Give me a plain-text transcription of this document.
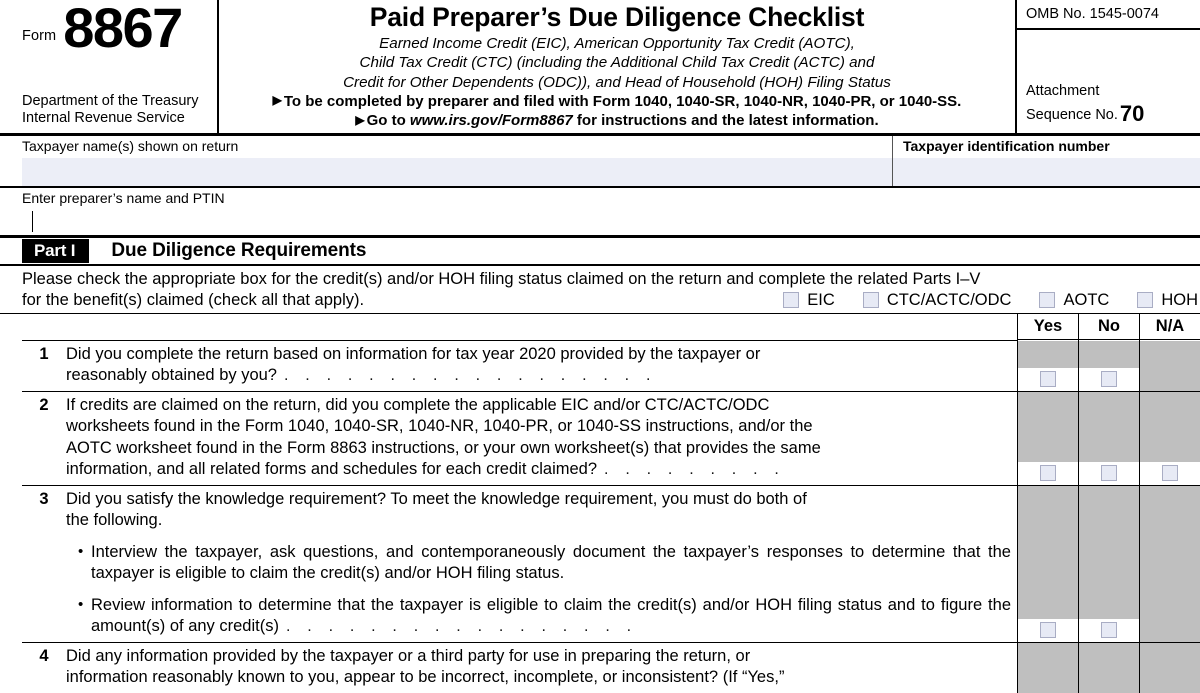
Form 8867
Department of the Treasury
Internal Revenue Service
Paid Preparer’s Due Diligence Checklist
Earned Income Credit (EIC), American Opportunity Tax Credit (AOTC),
Child Tax Credit (CTC) (including the Additional Child Tax Credit (ACTC) and
Credit for Other Dependents (ODC)), and Head of Household (HOH) Filing Status
▶ To be completed by preparer and filed with Form 1040, 1040-SR, 1040-NR, 1040-PR, or 1040-SS.
▶ Go to www.irs.gov/Form8867 for instructions and the latest information.
OMB No. 1545-0074
Attachment
Sequence No.70
Taxpayer name(s) shown on return	Taxpayer identification number
Enter preparer’s name and PTIN
Part I	Due Diligence Requirements

Please check the appropriate box for the credit(s) and/or HOH filing status claimed on the return and complete the related Parts I–V

for the benefit(s) claimed (check all that apply).	EIC	CTC/ACTC/ODC	AOTC	HOH
Yes	No	N/A
1	Did you complete the return based on information for tax year 2020 provided by the taxpayer or
reasonably obtained by you? . . . . . . . . . . . . . . . . . .
2	If credits are claimed on the return, did you complete the applicable EIC and/or CTC/ACTC/ODC
worksheets found in the Form 1040, 1040-SR, 1040-NR, 1040-PR, or 1040-SS instructions, and/or the
AOTC worksheet found in the Form 8863 instructions, or your own worksheet(s) that provides the same
information, and all related forms and schedules for each credit claimed? . . . . . . . . .
3	Did you satisfy the knowledge requirement? To meet the knowledge requirement, you must do both of
the following.
• Interview the taxpayer, ask questions, and contemporaneously document the taxpayer’s responses to determine that the taxpayer is eligible to claim the credit(s) and/or HOH filing status.
• Review information to determine that the taxpayer is eligible to claim the credit(s) and/or HOH filing status and to figure the amount(s) of any credit(s) . . . . . . . . . . . . . . . . .
4	Did any information provided by the taxpayer or a third party for use in preparing the return, or
information reasonably known to you, appear to be incorrect, incomplete, or inconsistent? (If “Yes,”
